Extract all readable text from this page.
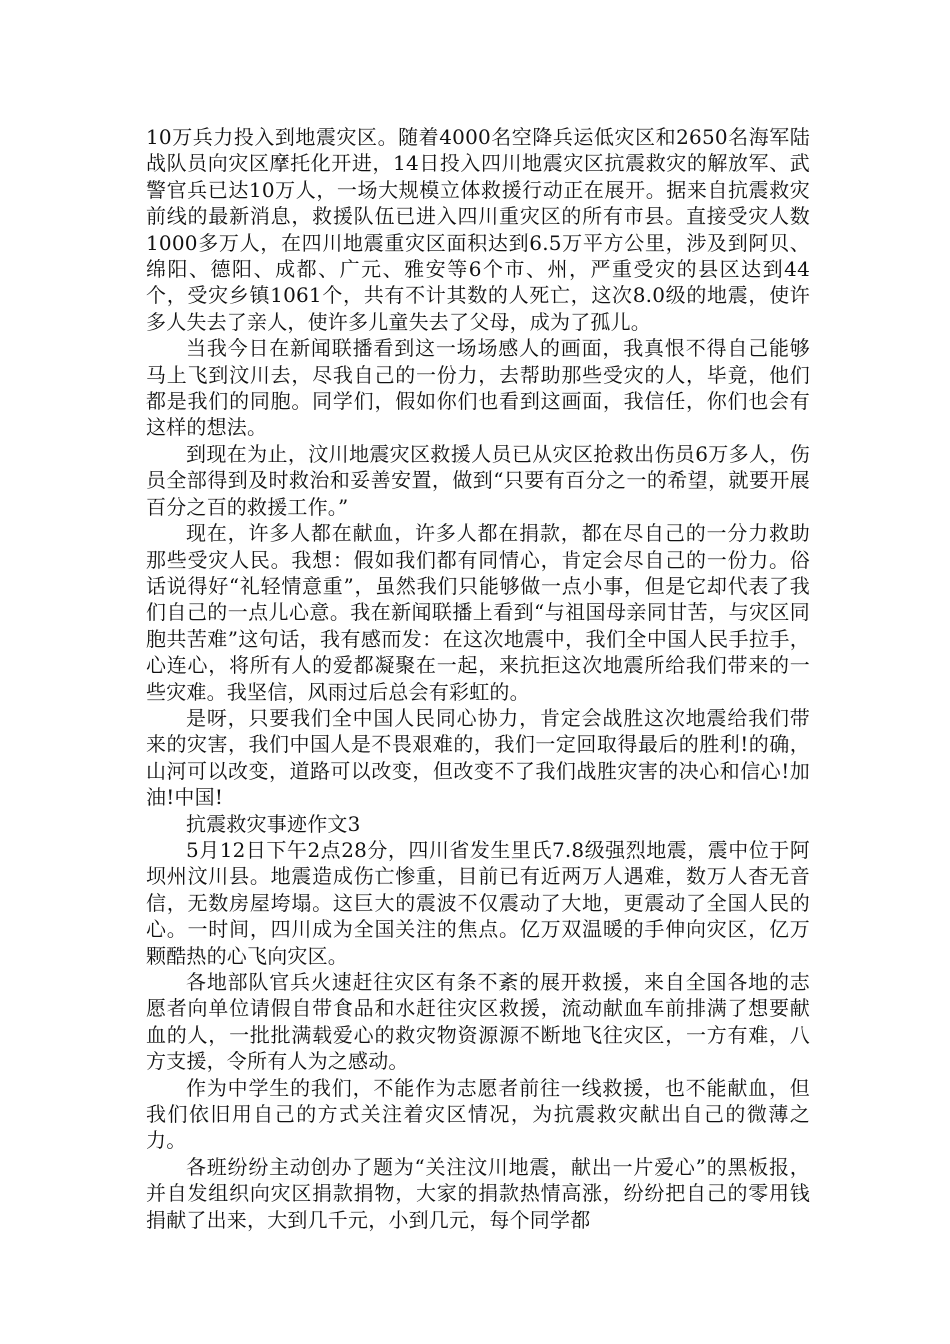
10万兵力投入到地震灾区。随着4000名空降兵运低灾区和2650名海军陆战队员向灾区摩托化开进，14日投入四川地震灾区抗震救灾的解放军、武警官兵已达10万人，一场大规模立体救援行动正在展开。据来自抗震救灾前线的最新消息，救援队伍已进入四川重灾区的所有市县。直接受灾人数1000多万人，在四川地震重灾区面积达到6.5万平方公里，涉及到阿贝、绵阳、德阳、成都、广元、雅安等6个市、州，严重受灾的县区达到44个，受灾乡镇1061个，共有不计其数的人死亡，这次8.0级的地震，使许多人失去了亲人，使许多儿童失去了父母，成为了孤儿。

当我今日在新闻联播看到这一场场感人的画面，我真恨不得自己能够马上飞到汶川去，尽我自己的一份力，去帮助那些受灾的人，毕竟，他们都是我们的同胞。同学们，假如你们也看到这画面，我信任，你们也会有这样的想法。

到现在为止，汶川地震灾区救援人员已从灾区抢救出伤员6万多人，伤员全部得到及时救治和妥善安置，做到“只要有百分之一的希望，就要开展百分之百的救援工作。”

现在，许多人都在献血，许多人都在捐款，都在尽自己的一分力救助那些受灾人民。我想：假如我们都有同情心，肯定会尽自己的一份力。俗话说得好“礼轻情意重”，虽然我们只能够做一点小事，但是它却代表了我们自己的一点儿心意。我在新闻联播上看到“与祖国母亲同甘苦，与灾区同胞共苦难”这句话，我有感而发：在这次地震中，我们全中国人民手拉手，心连心，将所有人的爱都凝聚在一起，来抗拒这次地震所给我们带来的一些灾难。我坚信，风雨过后总会有彩虹的。

是呀，只要我们全中国人民同心协力，肯定会战胜这次地震给我们带来的灾害，我们中国人是不畏艰难的，我们一定回取得最后的胜利!的确，山河可以改变，道路可以改变，但改变不了我们战胜灾害的决心和信心!加油!中国!

抗震救灾事迹作文3

5月12日下午2点28分，四川省发生里氏7.8级强烈地震，震中位于阿坝州汶川县。地震造成伤亡惨重，目前已有近两万人遇难，数万人杳无音信，无数房屋垮塌。这巨大的震波不仅震动了大地，更震动了全国人民的心。一时间，四川成为全国关注的焦点。亿万双温暖的手伸向灾区，亿万颗酷热的心飞向灾区。

各地部队官兵火速赶往灾区有条不紊的展开救援，来自全国各地的志愿者向单位请假自带食品和水赶往灾区救援，流动献血车前排满了想要献血的人，一批批满载爱心的救灾物资源源不断地飞往灾区，一方有难，八方支援，令所有人为之感动。

作为中学生的我们，不能作为志愿者前往一线救援，也不能献血，但我们依旧用自己的方式关注着灾区情况，为抗震救灾献出自己的微薄之力。

各班纷纷主动创办了题为“关注汶川地震，献出一片爱心”的黑板报，并自发组织向灾区捐款捐物，大家的捐款热情高涨，纷纷把自己的零用钱捐献了出来，大到几千元，小到几元，每个同学都
